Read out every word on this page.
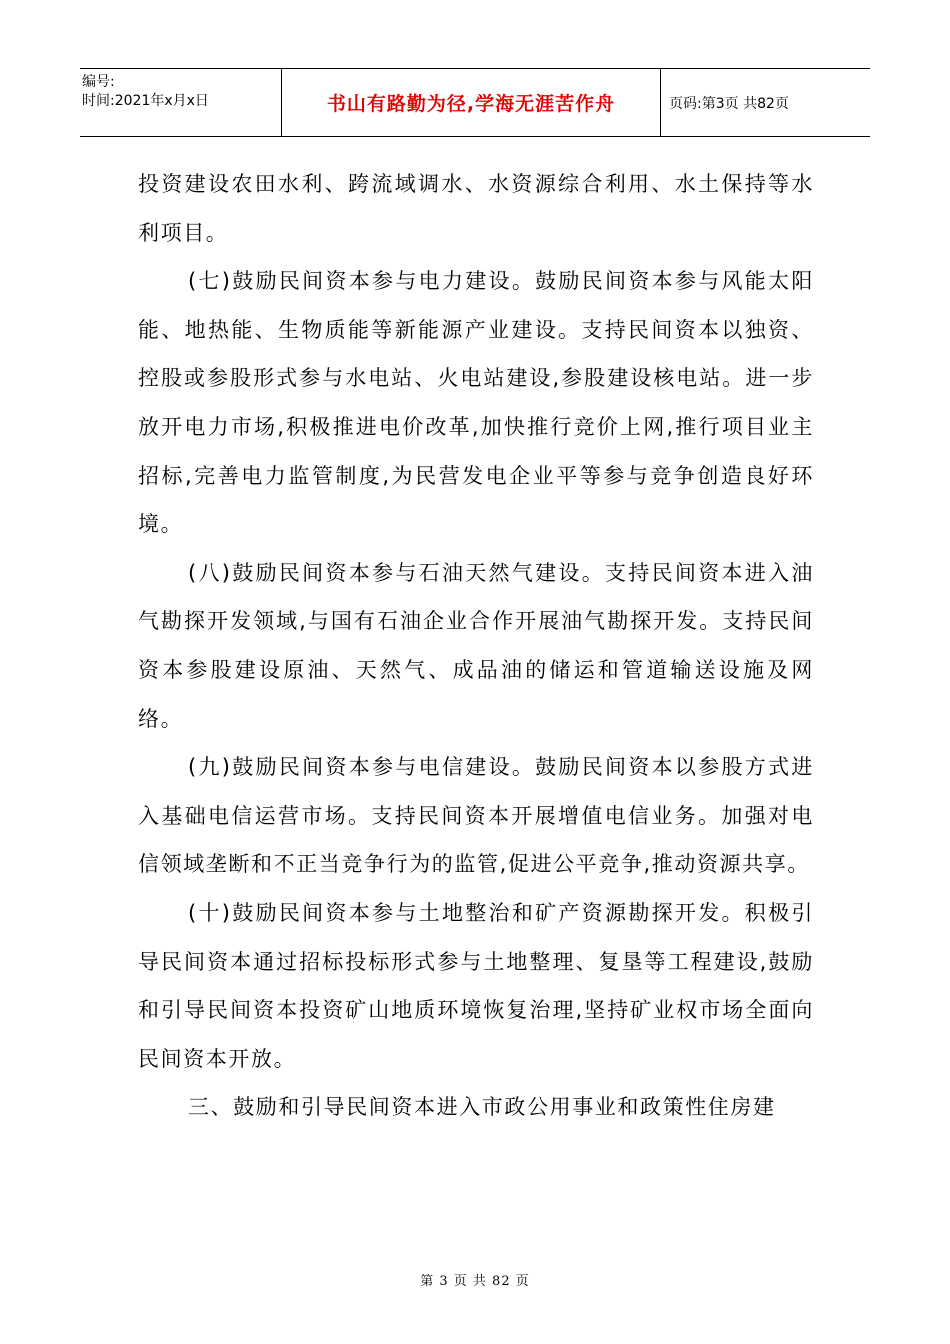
编号:
时间:2021年x月x日	书山有路勤为径,学海无涯苦作舟	页码:第3页 共82页

投资建设农田水利、跨流域调水、水资源综合利用、水土保持等水利项目。

(七)鼓励民间资本参与电力建设。鼓励民间资本参与风能太阳能、地热能、生物质能等新能源产业建设。支持民间资本以独资、控股或参股形式参与水电站、火电站建设,参股建设核电站。进一步放开电力市场,积极推进电价改革,加快推行竞价上网,推行项目业主招标,完善电力监管制度,为民营发电企业平等参与竞争创造良好环境。

(八)鼓励民间资本参与石油天然气建设。支持民间资本进入油气勘探开发领域,与国有石油企业合作开展油气勘探开发。支持民间资本参股建设原油、天然气、成品油的储运和管道输送设施及网络。

(九)鼓励民间资本参与电信建设。鼓励民间资本以参股方式进入基础电信运营市场。支持民间资本开展增值电信业务。加强对电信领域垄断和不正当竞争行为的监管,促进公平竞争,推动资源共享。

(十)鼓励民间资本参与土地整治和矿产资源勘探开发。积极引导民间资本通过招标投标形式参与土地整理、复垦等工程建设,鼓励和引导民间资本投资矿山地质环境恢复治理,坚持矿业权市场全面向民间资本开放。

三、鼓励和引导民间资本进入市政公用事业和政策性住房建

第 3 页 共 82 页
